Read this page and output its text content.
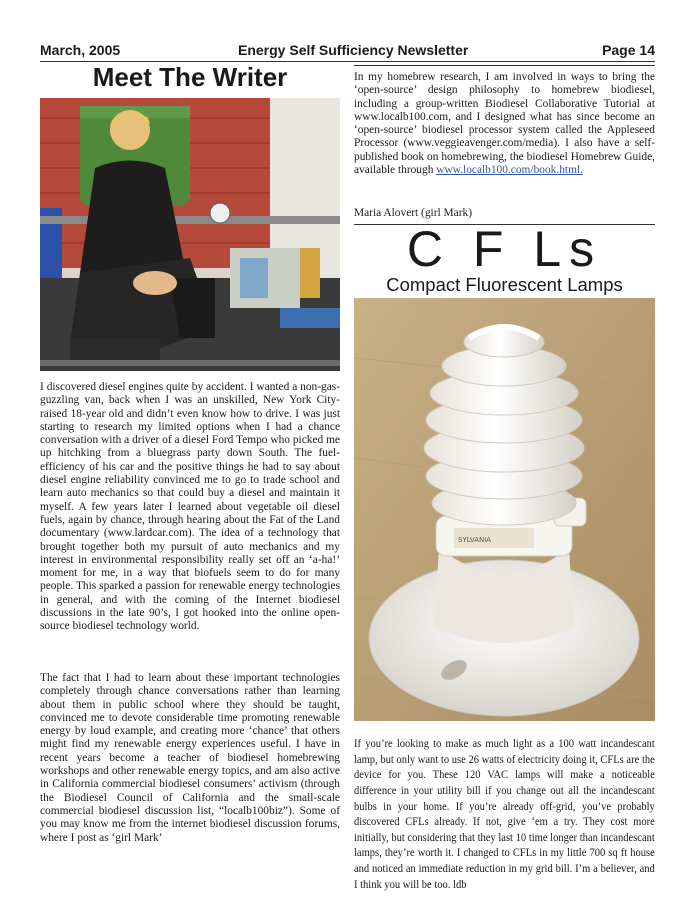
March, 2005	Energy Self Sufficiency Newsletter	Page 14
Meet The Writer

I discovered diesel engines quite by accident. I wanted a non-gas-guzzling van, back when I was an unskilled, New York City-raised 18-year old and didn’t even know how to drive. I was just starting to research my limited options when I had a chance conversation with a driver of a diesel Ford Tempo who picked me up hitchking from a bluegrass party down South. The fuel-efficiency of his car and the positive things he had to say about diesel engine reliability convinced me to go to trade school and learn auto mechanics so that could buy a diesel and maintain it myself. A few years later I learned about vegetable oil diesel fuels, again by chance, through hearing about the Fat of the Land documentary (www.lardcar.com). The idea of a technology that brought together both my pursuit of auto mechanics and my interest in environmental responsibility really set off an ‘a-ha!’ moment for me, in a way that biofuels seem to do for many people. This sparked a passion for renewable energy technologies in general, and with the coming of the Internet biodiesel discussions in the late 90’s, I got hooked into the online open-source biodiesel technology world.

The fact that I had to learn about these important technologies completely through chance conversations rather than learning about them in public school where they should be taught, convinced me to devote considerable time promoting renewable energy by loud example, and creating more ‘chance’ that others might find my renewable energy experiences useful. I have in recent years become a teacher of biodiesel homebrewing workshops and other renewable energy topics, and am also active in California commercial biodiesel consumers’ activism (through the Biodiesel Council of California and the small-scale commercial biodiesel discussion list, “localb100biz”). Some of you may know me from the internet biodiesel discussion forums, where I post as ‘girl Mark’

In my homebrew research, I am involved in ways to bring the ‘open-source’ design philosophy to homebrew biodiesel, including a group-written Biodiesel Collaborative Tutorial at www.localb100.com, and I designed what has since become an ‘open-source’ biodiesel processor system called the Appleseed Processor (www.veggieavenger.com/media). I also have a self-published book on homebrewing, the biodiesel Homebrew Guide, available through www.localb100.com/book.html.

Maria Alovert (girl Mark)
C F Ls
Compact Fluorescent Lamps
SYLVANIA

If you’re looking to make as much light as a 100 watt incandescant lamp, but only want to use 26 watts of electricity doing it, CFLs are the device for you. These 120 VAC lamps will make a noticeable difference in your utility bill if you change out all the incandescant bulbs in your home. If you’re already off-grid, you’ve probably discovered CFLs already. If not, give ‘em a try. They cost more initially, but considering that they last 10 time longer than incandescant lamps, they’re worth it. I changed to CFLs in my little 700 sq ft house and noticed an immediate reduction in my grid bill. I’m a believer, and I think you will be too. ldb
